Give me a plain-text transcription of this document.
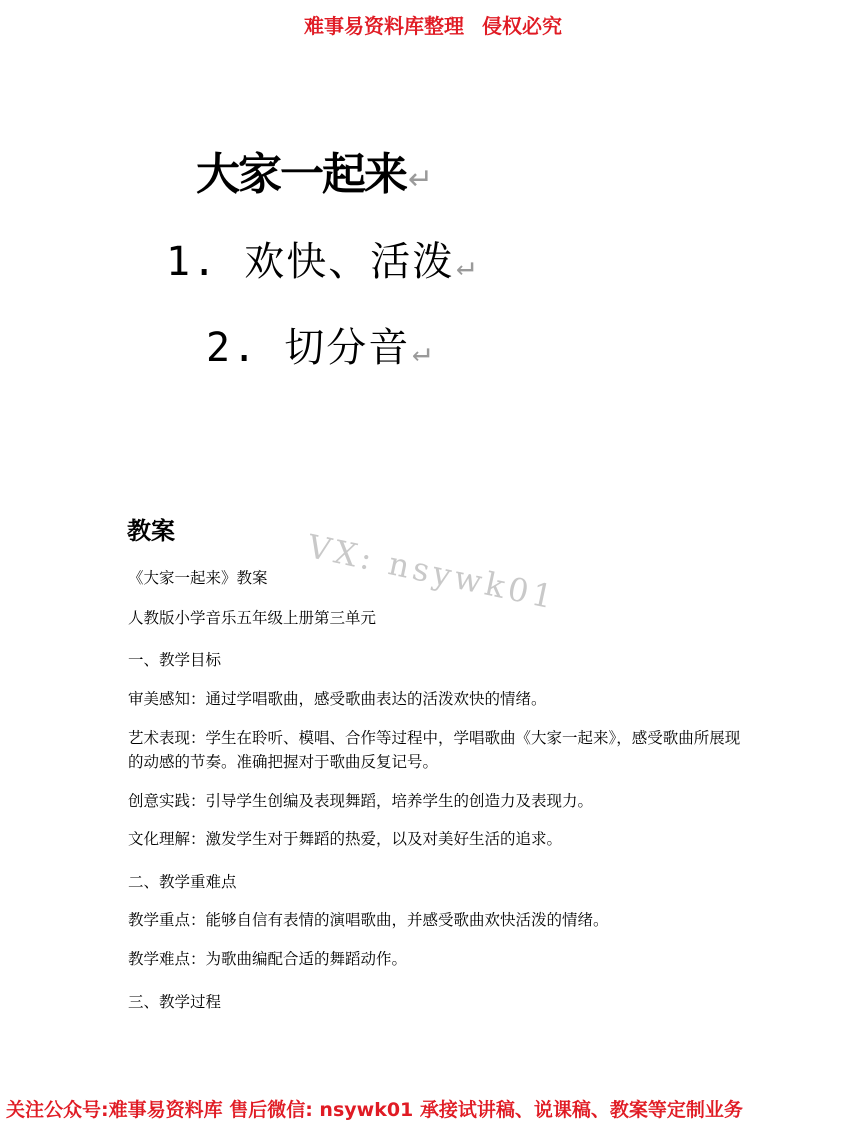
难事易资料库整理 侵权必究
大家一起来↵
1. 欢快、活泼↵
2. 切分音↵
教案	VX: nsywk01
《大家一起来》教案
人教版小学音乐五年级上册第三单元
一、教学目标
审美感知：通过学唱歌曲，感受歌曲表达的活泼欢快的情绪。
艺术表现：学生在聆听、模唱、合作等过程中，学唱歌曲《大家一起来》，感受歌曲所展现的动感的节奏。准确把握对于歌曲反复记号。
创意实践：引导学生创编及表现舞蹈，培养学生的创造力及表现力。
文化理解：激发学生对于舞蹈的热爱，以及对美好生活的追求。
二、教学重难点
教学重点：能够自信有表情的演唱歌曲，并感受歌曲欢快活泼的情绪。
教学难点：为歌曲编配合适的舞蹈动作。
三、教学过程
关注公众号:难事易资料库 售后微信: nsywk01 承接试讲稿、说课稿、教案等定制业务
